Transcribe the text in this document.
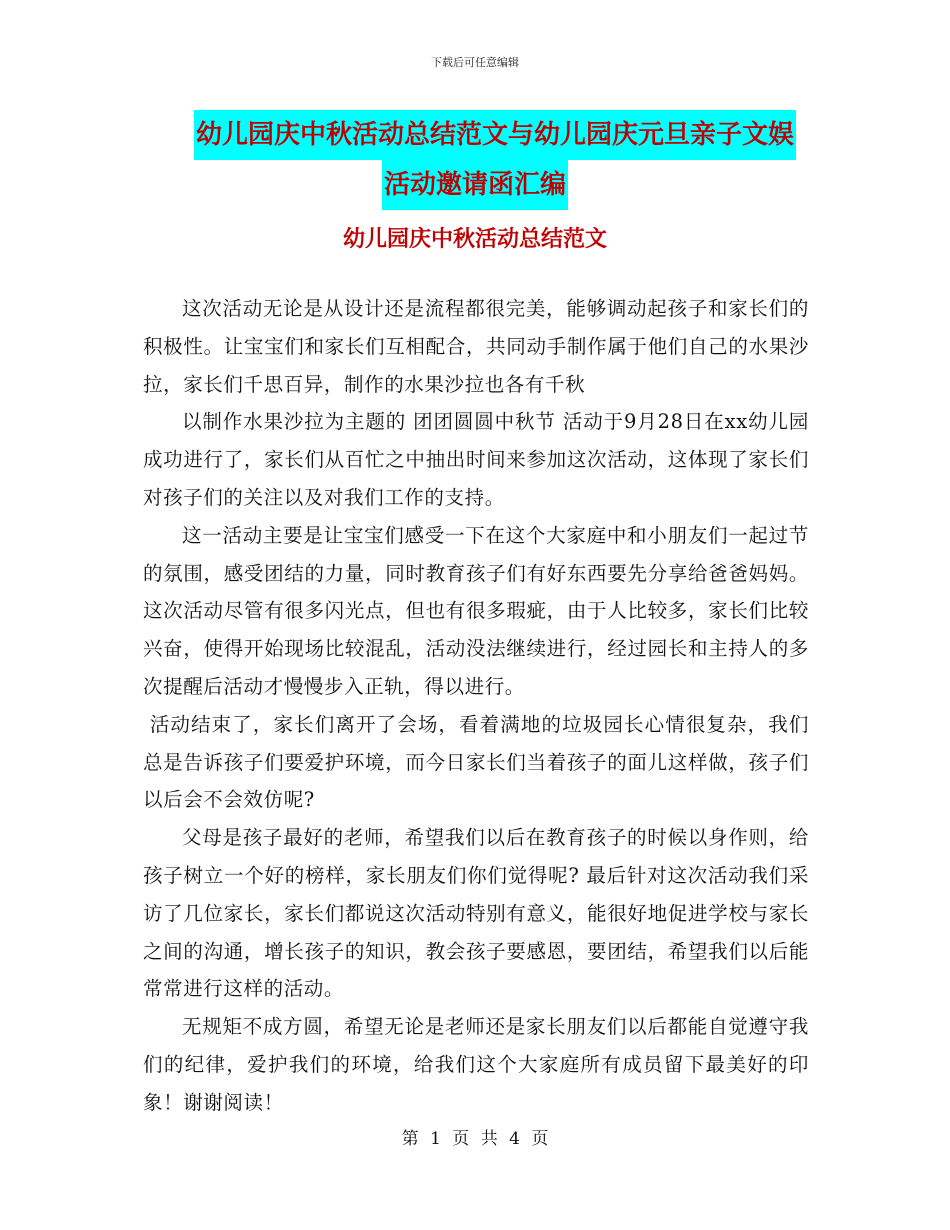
下载后可任意编辑
幼儿园庆中秋活动总结范文与幼儿园庆元旦亲子文娱
活动邀请函汇编
幼儿园庆中秋活动总结范文

这次活动无论是从设计还是流程都很完美，能够调动起孩子和家长们的积极性。让宝宝们和家长们互相配合，共同动手制作属于他们自己的水果沙拉，家长们千思百异，制作的水果沙拉也各有千秋

以制作水果沙拉为主题的 团团圆圆中秋节 活动于9月28日在xx幼儿园成功进行了，家长们从百忙之中抽出时间来参加这次活动，这体现了家长们对孩子们的关注以及对我们工作的支持。

这一活动主要是让宝宝们感受一下在这个大家庭中和小朋友们一起过节的氛围，感受团结的力量，同时教育孩子们有好东西要先分享给爸爸妈妈。 这次活动尽管有很多闪光点，但也有很多瑕疵，由于人比较多，家长们比较兴奋，使得开始现场比较混乱，活动没法继续进行，经过园长和主持人的多次提醒后活动才慢慢步入正轨，得以进行。

活动结束了，家长们离开了会场，看着满地的垃圾园长心情很复杂，我们总是告诉孩子们要爱护环境，而今日家长们当着孩子的面儿这样做，孩子们以后会不会效仿呢?

父母是孩子最好的老师，希望我们以后在教育孩子的时候以身作则，给孩子树立一个好的榜样，家长朋友们你们觉得呢? 最后针对这次活动我们采访了几位家长，家长们都说这次活动特别有意义，能很好地促进学校与家长之间的沟通，增长孩子的知识，教会孩子要感恩，要团结，希望我们以后能常常进行这样的活动。

无规矩不成方圆，希望无论是老师还是家长朋友们以后都能自觉遵守我们的纪律，爱护我们的环境，给我们这个大家庭所有成员留下最美好的印象！谢谢阅读！

第 1 页 共 4 页
